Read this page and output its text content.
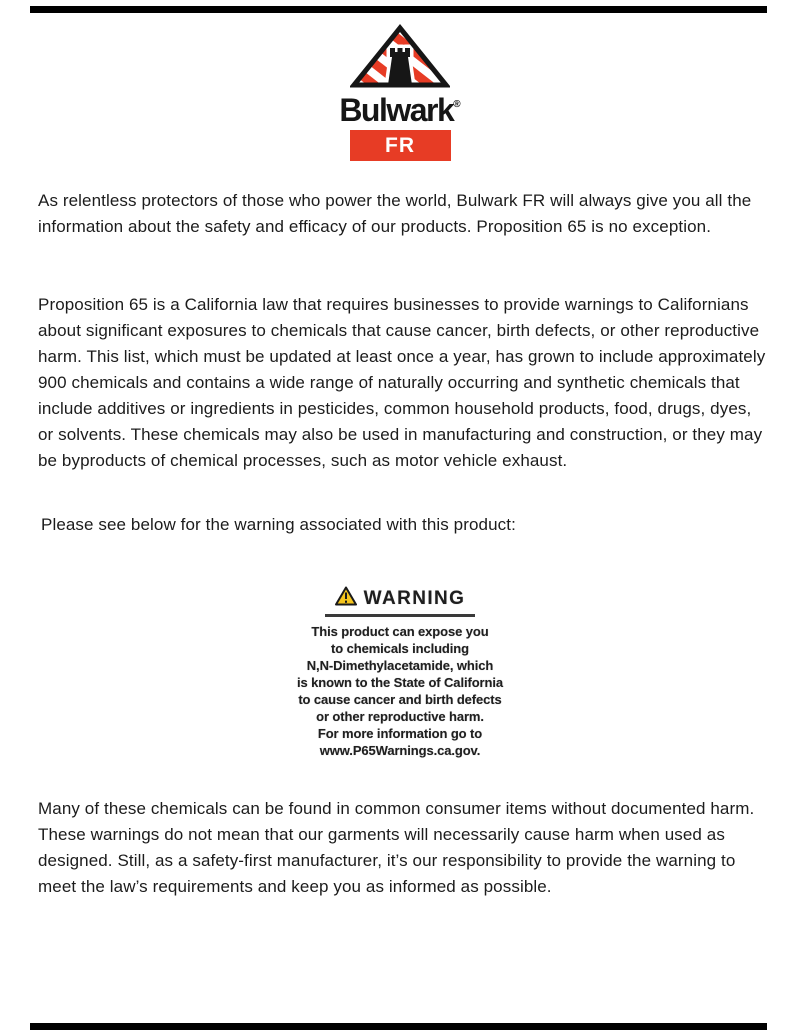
Bulwark®
FR

As relentless protectors of those who power the world, Bulwark FR will always give you all the information about the safety and efficacy of our products. Proposition 65 is no exception.

Proposition 65 is a California law that requires businesses to provide warnings to Californians about significant exposures to chemicals that cause cancer, birth defects, or other reproductive harm. This list, which must be updated at least once a year, has grown to include approximately 900 chemicals and contains a wide range of naturally occurring and synthetic chemicals that include additives or ingredients in pesticides, common household products, food, drugs, dyes, or solvents. These chemicals may also be used in manufacturing and construction, or they may be byproducts of chemical processes, such as motor vehicle exhaust.

Please see below for the warning associated with this product:

WARNING
This product can expose you
to chemicals including
N,N-Dimethylacetamide, which
is known to the State of California
to cause cancer and birth defects
or other reproductive harm.
For more information go to
www.P65Warnings.ca.gov.

Many of these chemicals can be found in common consumer items without documented harm. These warnings do not mean that our garments will necessarily cause harm when used as designed. Still, as a safety-first manufacturer, it’s our responsibility to provide the warning to meet the law’s requirements and keep you as informed as possible.
